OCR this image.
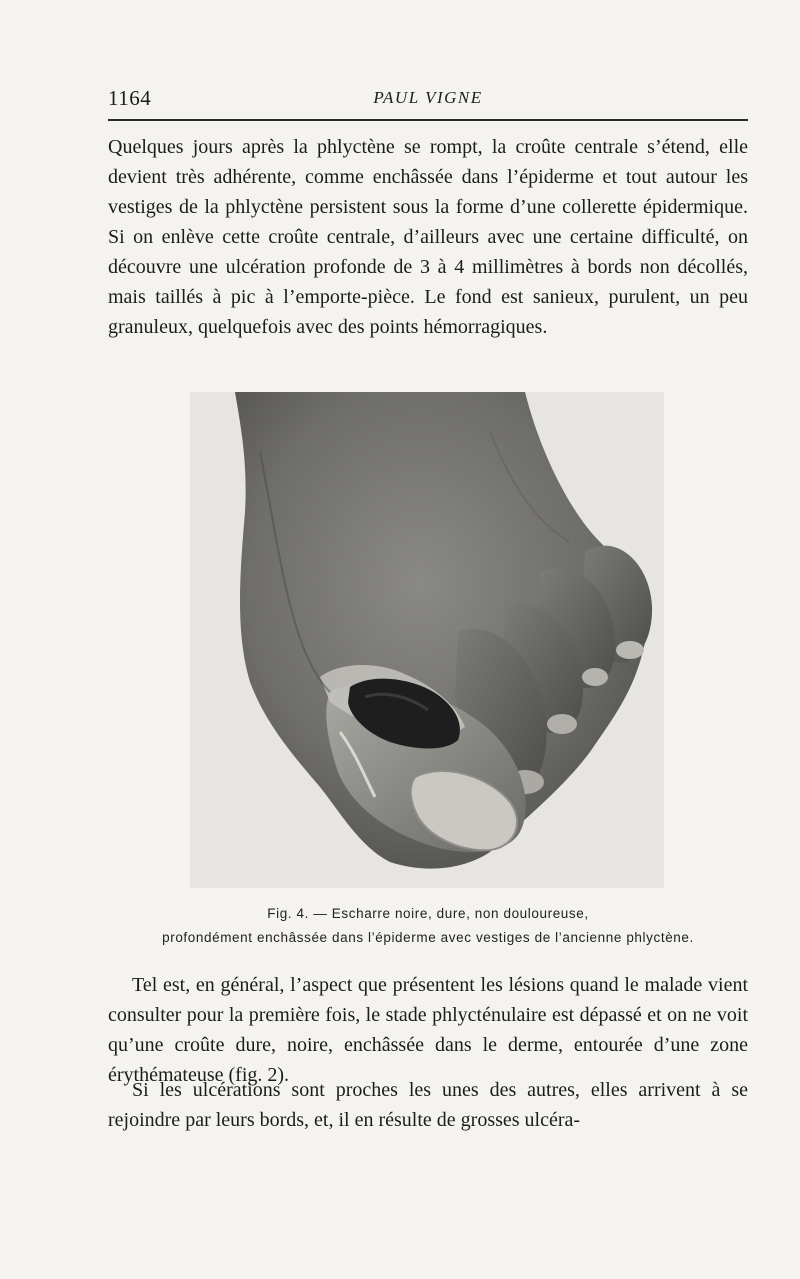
1164	PAUL VIGNE

Quelques jours après la phlyctène se rompt, la croûte centrale s’étend, elle devient très adhérente, comme enchâssée dans l’épiderme et tout autour les vestiges de la phlyctène persistent sous la forme d’une collerette épidermique. Si on enlève cette croûte centrale, d’ailleurs avec une certaine difficulté, on découvre une ulcération profonde de 3 à 4 millimètres à bords non décollés, mais taillés à pic à l’emporte-pièce. Le fond est sanieux, purulent, un peu granuleux, quelquefois avec des points hémorragiques.

Fig. 4. — Escharre noire, dure, non douloureuse,
profondément enchâssée dans l’épiderme avec vestiges de l’ancienne phlyctène.

Tel est, en général, l’aspect que présentent les lésions quand le malade vient consulter pour la première fois, le stade phlycténulaire est dépassé et on ne voit qu’une croûte dure, noire, enchâssée dans le derme, entourée d’une zone érythémateuse (fig. 2).

Si les ulcérations sont proches les unes des autres, elles arrivent à se rejoindre par leurs bords, et, il en résulte de grosses ulcéra-
